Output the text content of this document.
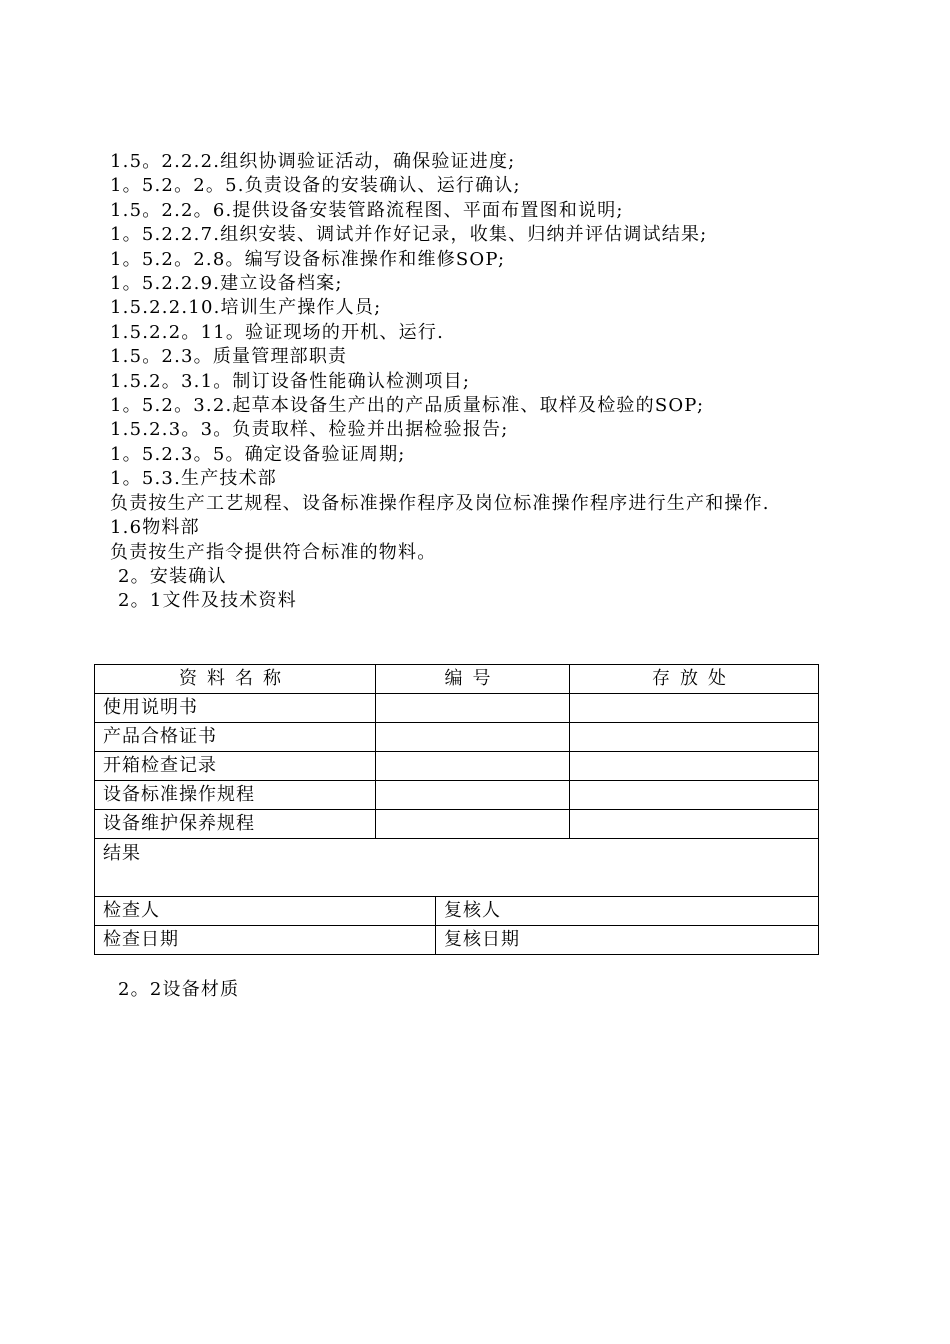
1.5。2.2.2.组织协调验证活动，确保验证进度;
1。5.2。2。5.负责设备的安装确认、运行确认;
1.5。2.2。6.提供设备安装管路流程图、平面布置图和说明;
1。5.2.2.7.组织安装、调试并作好记录，收集、归纳并评估调试结果;
1。5.2。2.8。编写设备标准操作和维修SOP;
1。5.2.2.9.建立设备档案;
1.5.2.2.10.培训生产操作人员;
1.5.2.2。11。验证现场的开机、运行.
1.5。2.3。质量管理部职责
1.5.2。3.1。制订设备性能确认检测项目;
1。5.2。3.2.起草本设备生产出的产品质量标准、取样及检验的SOP;
1.5.2.3。3。负责取样、检验并出据检验报告;
1。5.2.3。5。确定设备验证周期;
1。5.3.生产技术部
负责按生产工艺规程、设备标准操作程序及岗位标准操作程序进行生产和操作.
1.6物料部
负责按生产指令提供符合标准的物料。
2。安装确认
2。1文件及技术资料
资料名称	编号		存放处
使用说明书			
产品合格证书			
开箱检查记录			
设备标准操作规程			
设备维护保养规程			
结果			
检查人		复核人	
检查日期		复核日期	
2。2设备材质
